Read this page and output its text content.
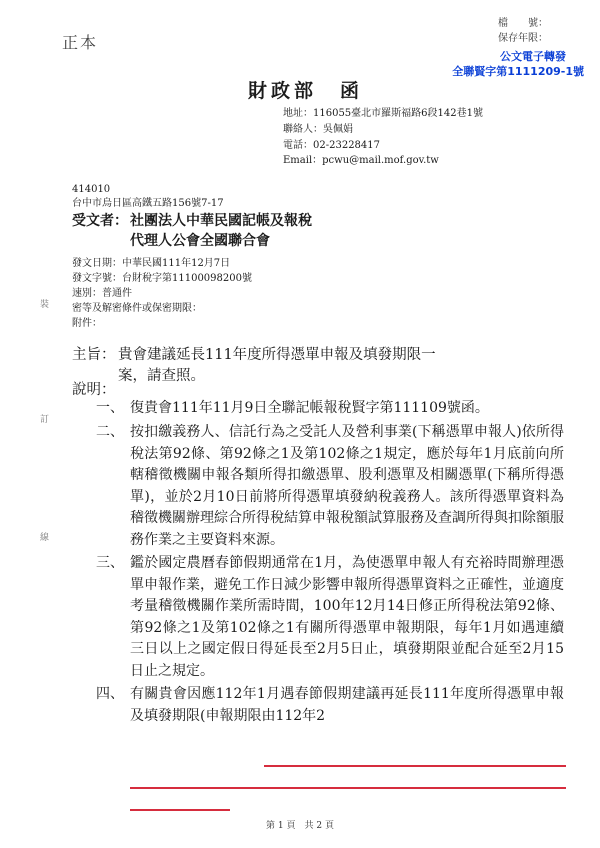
正本
檔　　號：
保存年限：
公文電子轉發
全聯賢字第1111209-1號
財政部　函
地址：116055臺北市羅斯福路6段142巷1號
聯絡人：吳佩娟
電話：02-23228417
Email：pcwu@mail.mof.gov.tw
414010
台中市烏日區高鐵五路156號7-17
受文者： 社團法人中華民國記帳及報稅
代理人公會全國聯合會
發文日期：中華民國111年12月7日
發文字號：台財稅字第11100098200號
速別：普通件
密等及解密條件或保密期限：
附件：
裝
訂
線
主旨： 貴會建議延長111年度所得憑單申報及填發期限一
案，請查照。
說明：
一、 復貴會111年11月9日全聯記帳報稅賢字第111109號函。
二、 按扣繳義務人、信託行為之受託人及營利事業(下稱憑單申報人)依所得稅法第92條、第92條之1及第102條之1規定，應於每年1月底前向所轄稽徵機關申報各類所得扣繳憑單、股利憑單及相關憑單(下稱所得憑單)，並於2月10日前將所得憑單填發納稅義務人。該所得憑單資料為稽徵機關辦理綜合所得稅結算申報稅額試算服務及查調所得與扣除額服務作業之主要資料來源。
三、 鑑於國定農曆春節假期通常在1月，為使憑單申報人有充裕時間辦理憑單申報作業，避免工作日減少影響申報所得憑單資料之正確性，並適度考量稽徵機關作業所需時間，100年12月14日修正所得稅法第92條、第92條之1及第102條之1有關所得憑單申報期限，每年1月如遇連續三日以上之國定假日得延長至2月5日止，填發期限並配合延至2月15日止之規定。
四、 有關貴會因應112年1月遇春節假期建議再延長111年度所得憑單申報及填發期限(申報期限由112年2
第 1 頁　共 2 頁
